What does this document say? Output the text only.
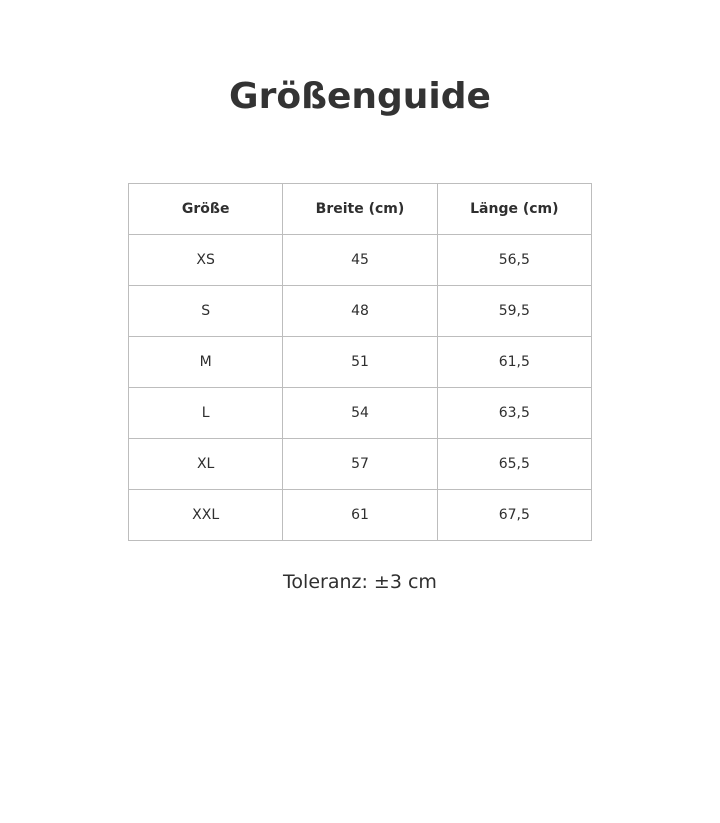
Größenguide
Größe	Breite (cm)	Länge (cm)
XS	45	56,5
S	48	59,5
M	51	61,5
L	54	63,5
XL	57	65,5
XXL	61	67,5
Toleranz: ±3 cm
